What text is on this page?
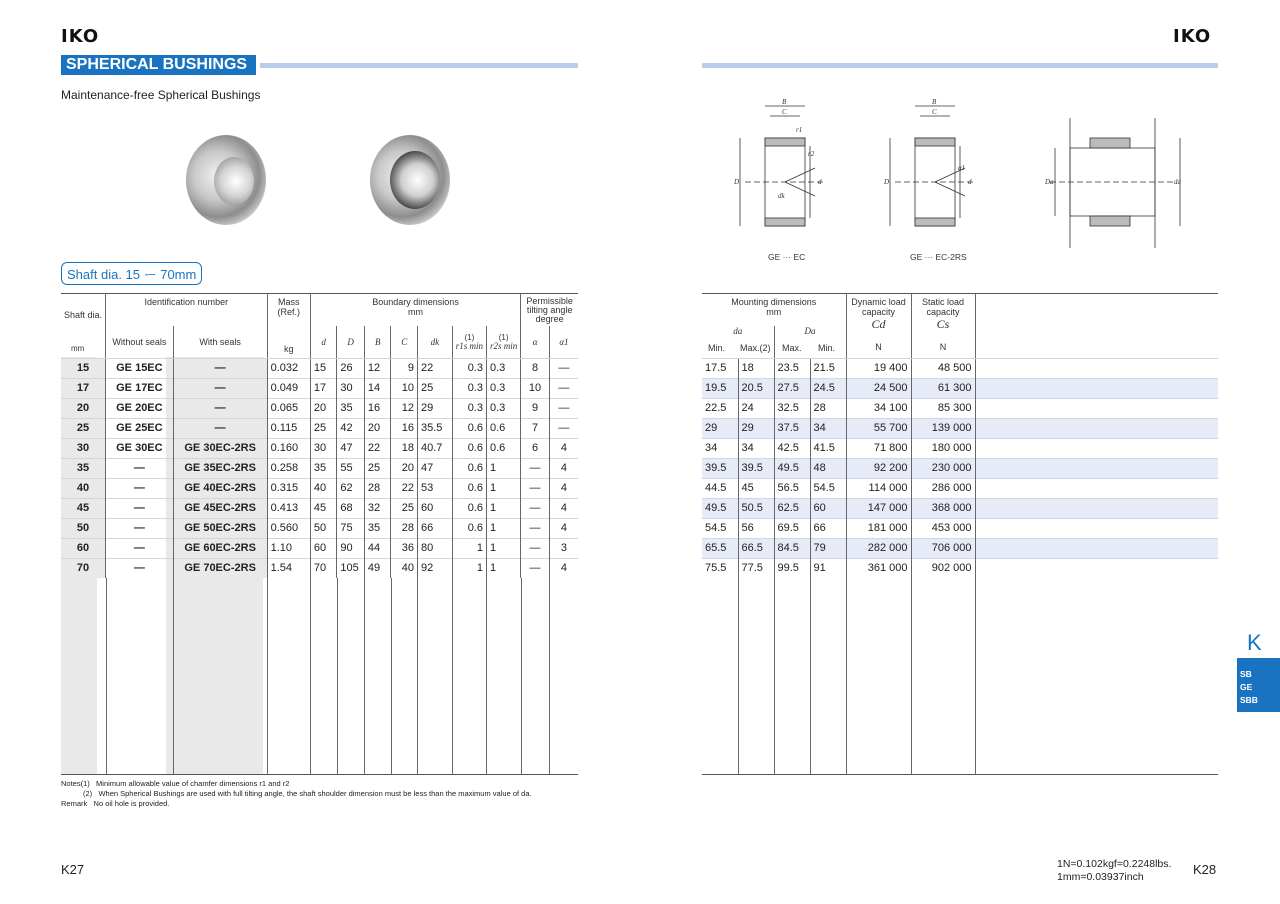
IKO
SPHERICAL BUSHINGS
Maintenance-free Spherical Bushings
Shaft dia. 15 ー 70mm
IKO
B
C
D	d
r1
r2
dk
B
C
D	d
α1
Da	da
GE ··· EC	GE ··· EC-2RS
Shaft dia.	Identification number		Mass (Ref.)	Boundary dimensions
mm							Permissible tilting angle degree	
	Without seals	With seals	kg	d	D	B	C	dk	(1)
r1s min	(1)
r2s min	α	α1

mm												

15	GE 15EC	—	0.032	15	26	12	9	22	0.3	0.3	8	—
17	GE 17EC	—	0.049	17	30	14	10	25	0.3	0.3	10	—
20	GE 20EC	—	0.065	20	35	16	12	29	0.3	0.3	9	—
25	GE 25EC	—	0.115	25	42	20	16	35.5	0.6	0.6	7	—
30	GE 30EC	GE 30EC-2RS	0.160	30	47	22	18	40.7	0.6	0.6	6	4
35	—	GE 35EC-2RS	0.258	35	55	25	20	47	0.6	1	—	4
40	—	GE 40EC-2RS	0.315	40	62	28	22	53	0.6	1	—	4
45	—	GE 45EC-2RS	0.413	45	68	32	25	60	0.6	1	—	4
50	—	GE 50EC-2RS	0.560	50	75	35	28	66	0.6	1	—	4
60	—	GE 60EC-2RS	1.10	60	90	44	36	80	1	1	—	3
70	—	GE 70EC-2RS	1.54	70	105	49	40	92	1	1	—	4
Mounting dimensions
mm				Dynamic load capacity
Cd

N	Static load capacity
Cs

N	
da		Da				

Min.	Max.(2)	Max.	Min.			

17.5	18	23.5	21.5	19 400	48 500	
19.5	20.5	27.5	24.5	24 500	61 300	
22.5	24	32.5	28	34 100	85 300	
29	29	37.5	34	55 700	139 000	
34	34	42.5	41.5	71 800	180 000	
39.5	39.5	49.5	48	92 200	230 000	
44.5	45	56.5	54.5	114 000	286 000	
49.5	50.5	62.5	60	147 000	368 000	
54.5	56	69.5	66	181 000	453 000	
65.5	66.5	84.5	79	282 000	706 000	
75.5	77.5	99.5	91	361 000	902 000	
Notes(1) Minimum allowable value of chamfer dimensions r1 and r2
(2) When Spherical Bushings are used with full tilting angle, the shaft shoulder dimension must be less than the maximum value of da.
Remark No oil hole is provided.
K27	K28
1N=0.102kgf=0.2248lbs.
1mm=0.03937inch
K
SB
GE
SBB
